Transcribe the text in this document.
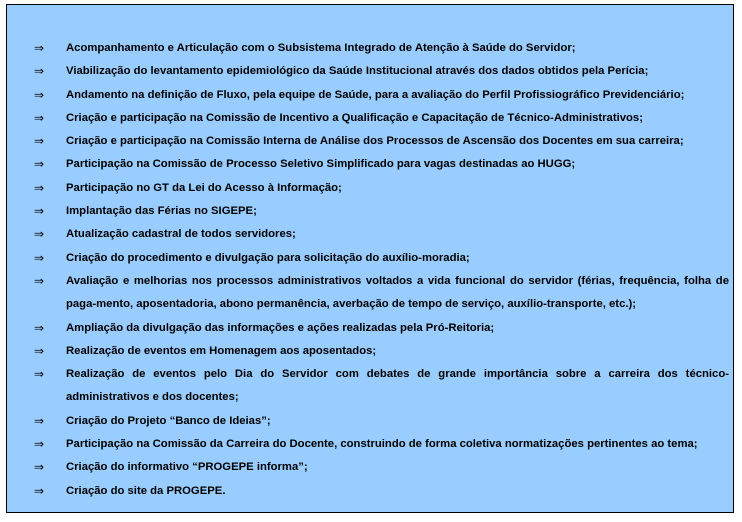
⇒ Acompanhamento e Articulação com o Subsistema Integrado de Atenção à Saúde do Servidor;
⇒ Viabilização do levantamento epidemiológico da Saúde Institucional através dos dados obtidos pela Perícia;
⇒ Andamento na definição de Fluxo, pela equipe de Saúde, para a avaliação do Perfil Profissiográfico Previdenciário;
⇒ Criação e participação na Comissão de Incentivo a Qualificação e Capacitação de Técnico-Administrativos;
⇒ Criação e participação na Comissão Interna de Análise dos Processos de Ascensão dos Docentes em sua carreira;
⇒ Participação na Comissão de Processo Seletivo Simplificado para vagas destinadas ao HUGG;
⇒ Participação no GT da Lei do Acesso à Informação;
⇒ Implantação das Férias no SIGEPE;
⇒ Atualização cadastral de todos servidores;
⇒ Criação do procedimento e divulgação para solicitação do auxílio-moradia;
⇒ Avaliação e melhorias nos processos administrativos voltados a vida funcional do servidor (férias, frequência, folha de paga-mento, aposentadoria, abono permanência, averbação de tempo de serviço, auxílio-transporte, etc.);
⇒ Ampliação da divulgação das informações e ações realizadas pela Pró-Reitoria;
⇒ Realização de eventos em Homenagem aos aposentados;
⇒ Realização de eventos pelo Dia do Servidor com debates de grande importância sobre a carreira dos técnico-administrativos e dos docentes;
⇒ Criação do Projeto “Banco de Ideias”;
⇒ Participação na Comissão da Carreira do Docente, construindo de forma coletiva normatizações pertinentes ao tema;
⇒ Criação do informativo “PROGEPE informa”;
⇒ Criação do site da PROGEPE.
